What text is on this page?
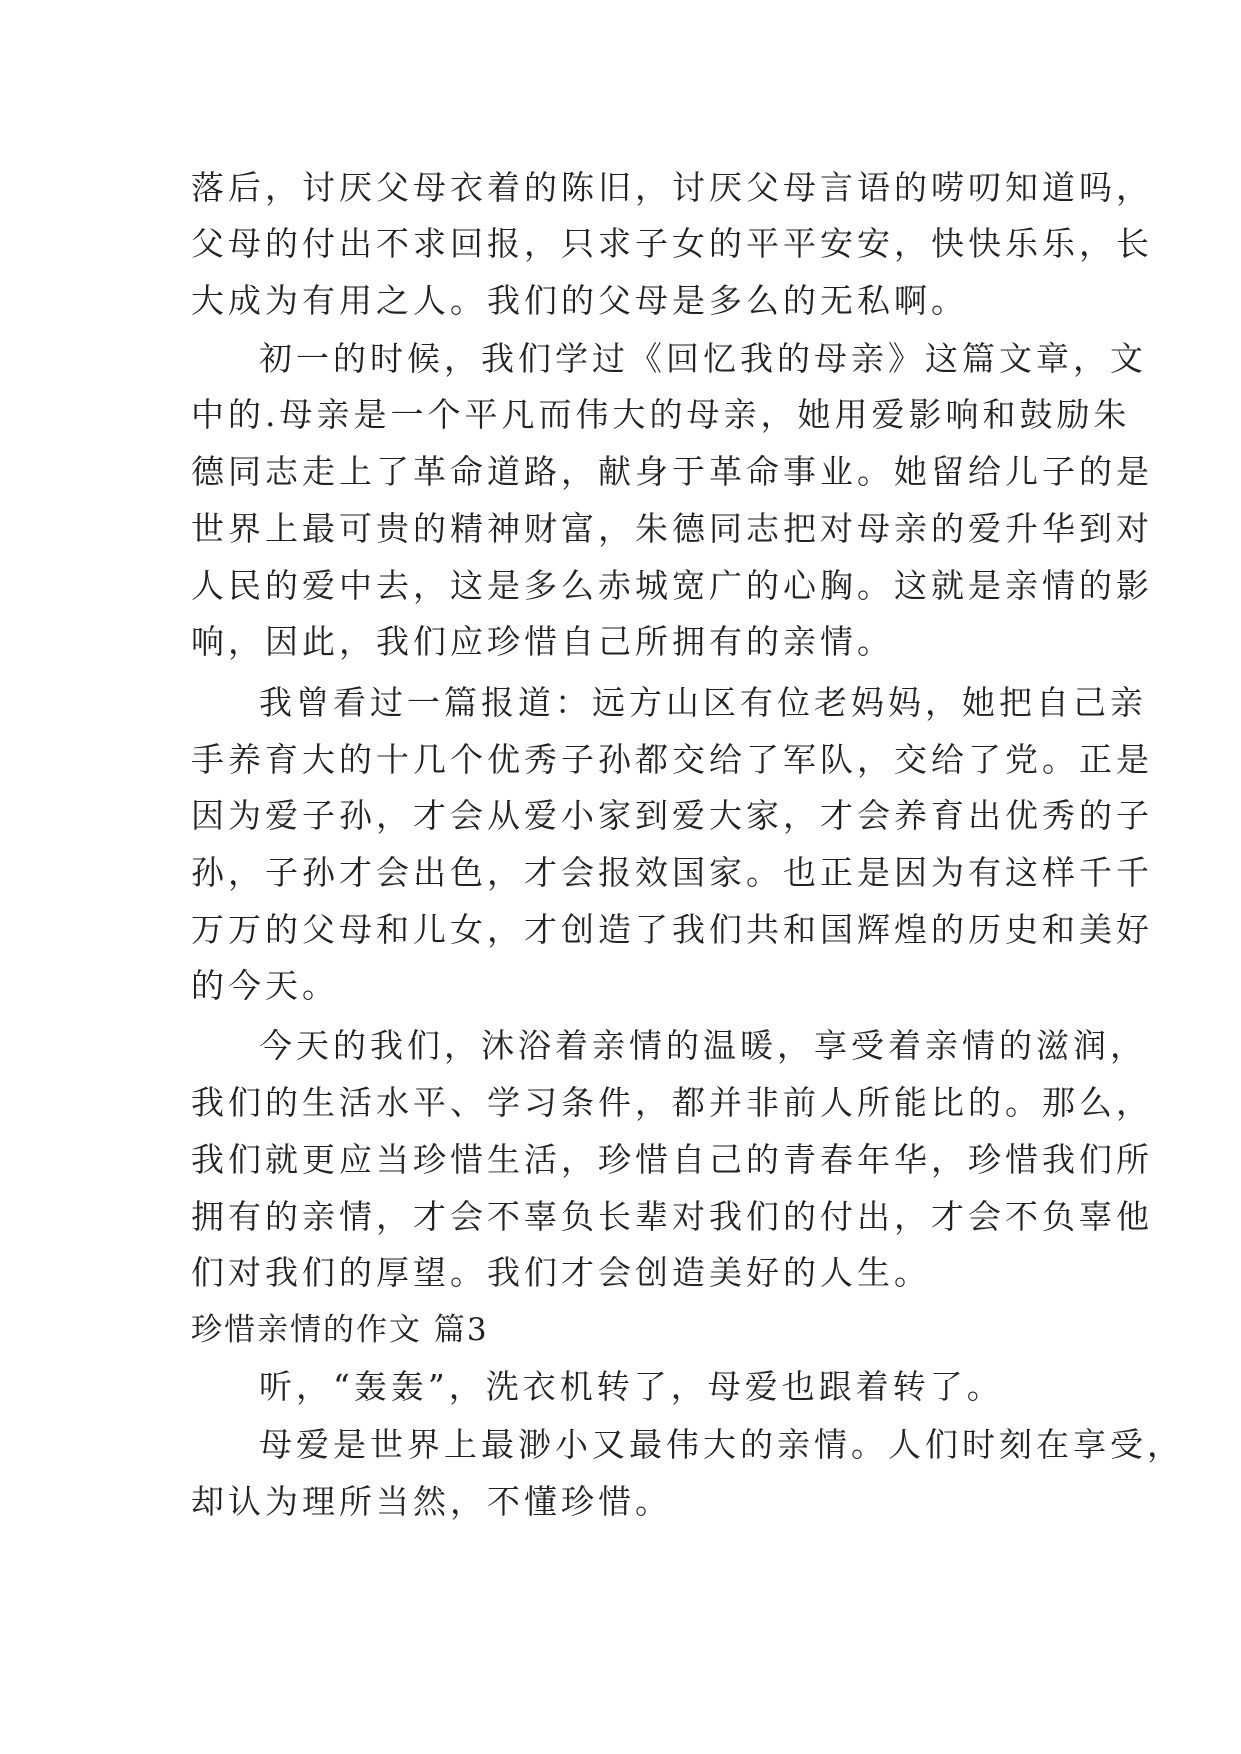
落后，讨厌父母衣着的陈旧，讨厌父母言语的唠叨知道吗，
父母的付出不求回报，只求子女的平平安安，快快乐乐，长
大成为有用之人。我们的父母是多么的无私啊。
初一的时候，我们学过《回忆我的母亲》这篇文章，文
中的.母亲是一个平凡而伟大的母亲，她用爱影响和鼓励朱
德同志走上了革命道路，献身于革命事业。她留给儿子的是
世界上最可贵的精神财富，朱德同志把对母亲的爱升华到对
人民的爱中去，这是多么赤城宽广的心胸。这就是亲情的影
响，因此，我们应珍惜自己所拥有的亲情。
我曾看过一篇报道：远方山区有位老妈妈，她把自己亲
手养育大的十几个优秀子孙都交给了军队，交给了党。正是
因为爱子孙，才会从爱小家到爱大家，才会养育出优秀的子
孙，子孙才会出色，才会报效国家。也正是因为有这样千千
万万的父母和儿女，才创造了我们共和国辉煌的历史和美好
的今天。
今天的我们，沐浴着亲情的温暖，享受着亲情的滋润，
我们的生活水平、学习条件，都并非前人所能比的。那么，
我们就更应当珍惜生活，珍惜自己的青春年华，珍惜我们所
拥有的亲情，才会不辜负长辈对我们的付出，才会不负辜他
们对我们的厚望。我们才会创造美好的人生。
珍惜亲情的作文 篇3
听，“轰轰”，洗衣机转了，母爱也跟着转了。
母爱是世界上最渺小又最伟大的亲情。人们时刻在享受，
却认为理所当然，不懂珍惜。
